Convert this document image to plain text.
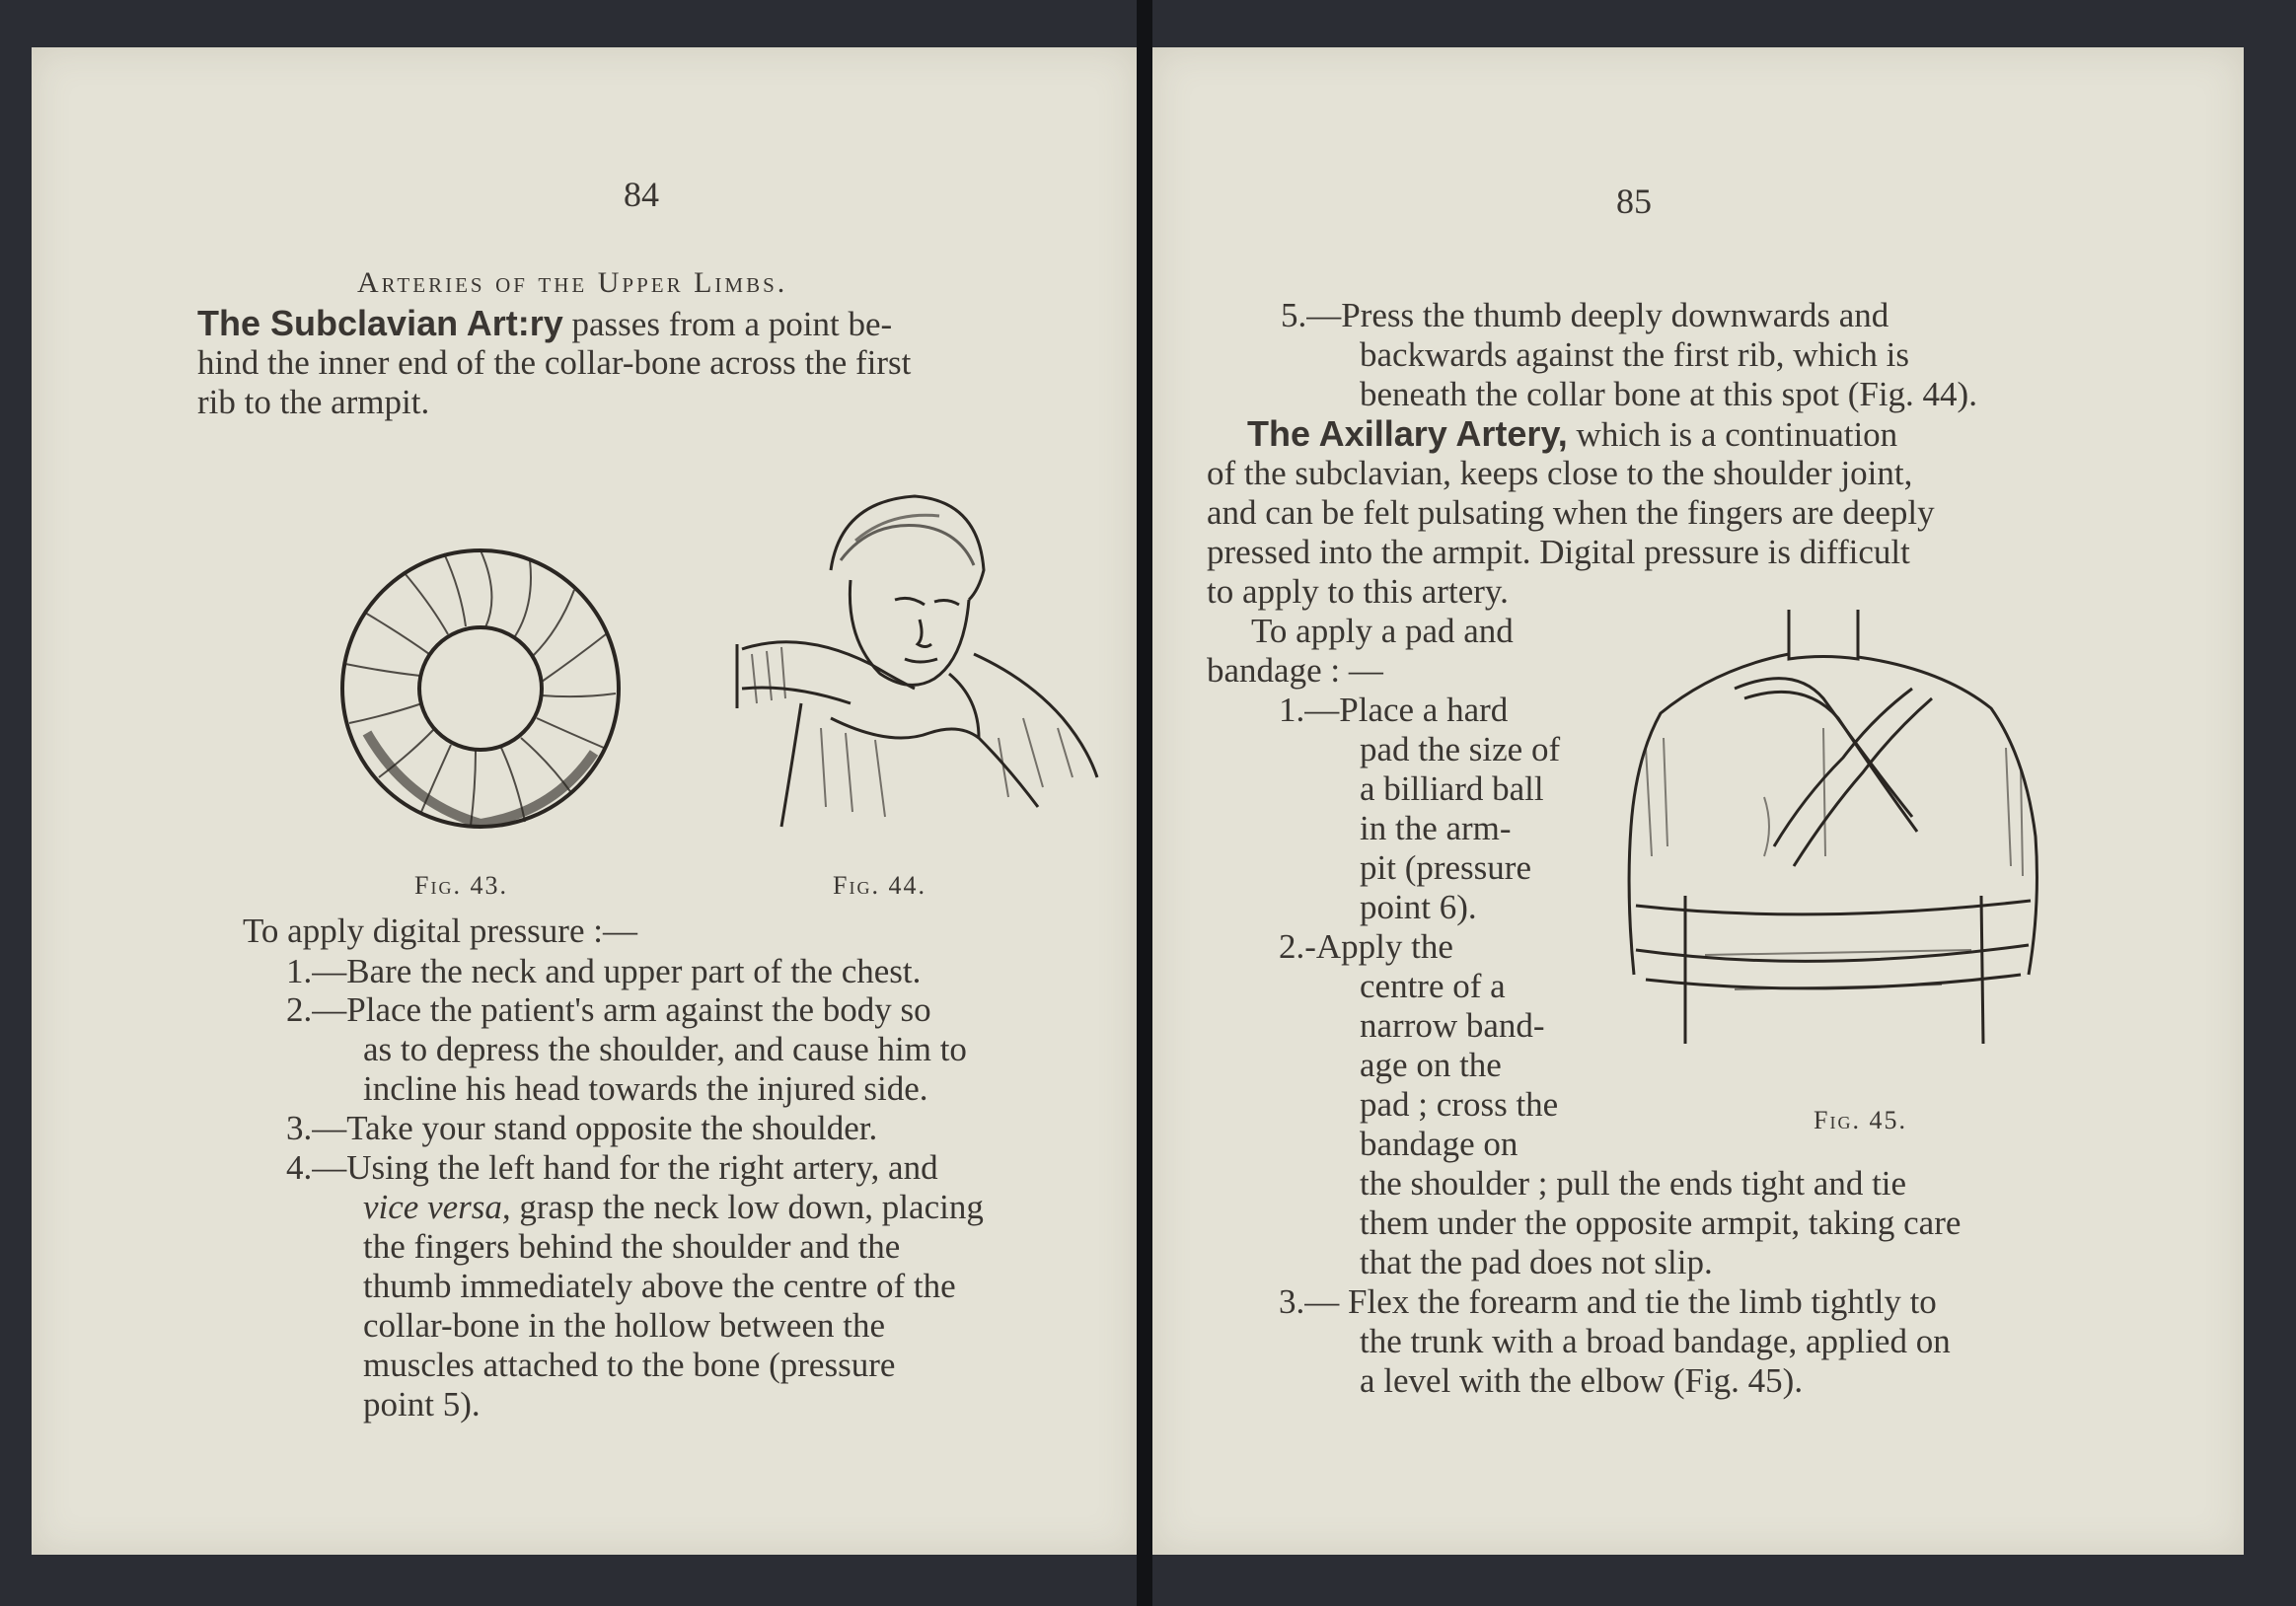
84
Arteries of the Upper Limbs.
The Subclavian Art:ry passes from a point be-
hind the inner end of the collar-bone across the first
rib to the armpit.
Fig. 43.	Fig. 44.
To apply digital pressure :—
1.—Bare the neck and upper part of the chest.
2.—Place the patient's arm against the body so
as to depress the shoulder, and cause him to
incline his head towards the injured side.
3.—Take your stand opposite the shoulder.
4.—Using the left hand for the right artery, and
vice versa, grasp the neck low down, placing
the fingers behind the shoulder and the
thumb immediately above the centre of the
collar-bone in the hollow between the
muscles attached to the bone (pressure
point 5).
85
5.—Press the thumb deeply downwards and
backwards against the first rib, which is
beneath the collar bone at this spot (Fig. 44).
The Axillary Artery, which is a continuation
of the subclavian, keeps close to the shoulder joint,
and can be felt pulsating when the fingers are deeply
pressed into the armpit. Digital pressure is difficult
to apply to this artery.
To apply a pad and
bandage : —
1.—Place a hard
pad the size of
a billiard ball
in the arm-
pit (pressure
point 6).
2.-Apply the
centre of a
narrow band-
age on the
pad ; cross the
bandage on
the shoulder ; pull the ends tight and tie
them under the opposite armpit, taking care
that the pad does not slip.
3.— Flex the forearm and tie the limb tightly to
the trunk with a broad bandage, applied on
a level with the elbow (Fig. 45).
Fig. 45.
